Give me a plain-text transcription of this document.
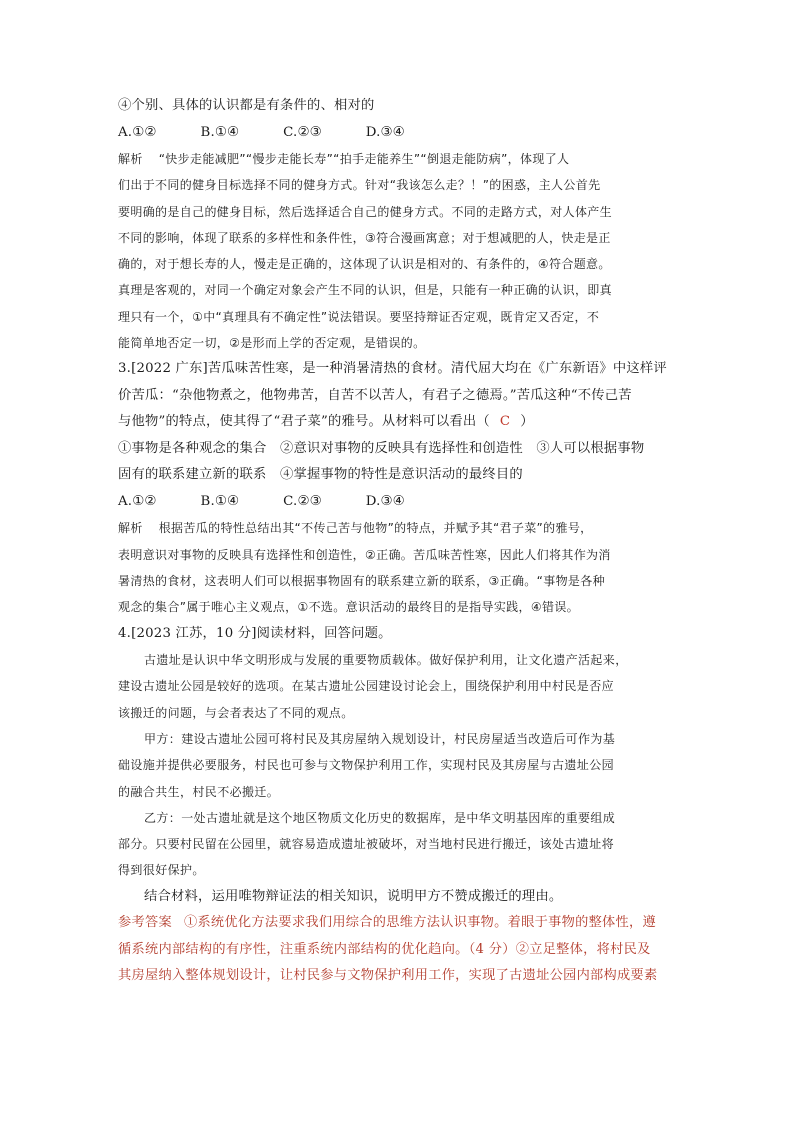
④个别、具体的认识都是有条件的、相对的

A.①②	B.①④	C.②③	D.③④

解析 “快步走能减肥”“慢步走能长寿”“拍手走能养生”“倒退走能防病”，体现了人

们出于不同的健身目标选择不同的健身方式。针对“我该怎么走？！”的困惑，主人公首先

要明确的是自己的健身目标，然后选择适合自己的健身方式。不同的走路方式，对人体产生

不同的影响，体现了联系的多样性和条件性，③符合漫画寓意；对于想减肥的人，快走是正

确的，对于想长寿的人，慢走是正确的，这体现了认识是相对的、有条件的，④符合题意。

真理是客观的，对同一个确定对象会产生不同的认识，但是，只能有一种正确的认识，即真

理只有一个，①中“真理具有不确定性”说法错误。要坚持辩证否定观，既肯定又否定，不

能简单地否定一切，②是形而上学的否定观，是错误的。

3.[2022 广东]苦瓜味苦性寒，是一种消暑清热的食材。清代屈大均在《广东新语》中这样评

价苦瓜：“杂他物煮之，他物弗苦，自苦不以苦人，有君子之德焉。”苦瓜这种“不传己苦

与他物”的特点，使其得了“君子菜”的雅号。从材料可以看出（ C ）

①事物是各种观念的集合　②意识对事物的反映具有选择性和创造性　③人可以根据事物

固有的联系建立新的联系　④掌握事物的特性是意识活动的最终目的

A.①②	B.①④	C.②③	D.③④

解析 根据苦瓜的特性总结出其“不传己苦与他物”的特点，并赋予其“君子菜”的雅号，

表明意识对事物的反映具有选择性和创造性，②正确。苦瓜味苦性寒，因此人们将其作为消

暑清热的食材，这表明人们可以根据事物固有的联系建立新的联系，③正确。“事物是各种

观念的集合”属于唯心主义观点，①不选。意识活动的最终目的是指导实践，④错误。

4.[2023 江苏，10 分]阅读材料，回答问题。

古遗址是认识中华文明形成与发展的重要物质载体。做好保护利用，让文化遗产活起来，

建设古遗址公园是较好的选项。在某古遗址公园建设讨论会上，围绕保护利用中村民是否应

该搬迁的问题，与会者表达了不同的观点。

甲方：建设古遗址公园可将村民及其房屋纳入规划设计，村民房屋适当改造后可作为基

础设施并提供必要服务，村民也可参与文物保护利用工作，实现村民及其房屋与古遗址公园

的融合共生，村民不必搬迁。

乙方：一处古遗址就是这个地区物质文化历史的数据库，是中华文明基因库的重要组成

部分。只要村民留在公园里，就容易造成遗址被破坏，对当地村民进行搬迁，该处古遗址将

得到很好保护。

结合材料，运用唯物辩证法的相关知识，说明甲方不赞成搬迁的理由。

参考答案 ①系统优化方法要求我们用综合的思维方法认识事物。着眼于事物的整体性，遵

循系统内部结构的有序性，注重系统内部结构的优化趋向。（4 分）②立足整体，将村民及

其房屋纳入整体规划设计，让村民参与文物保护利用工作，实现了古遗址公园内部构成要素
